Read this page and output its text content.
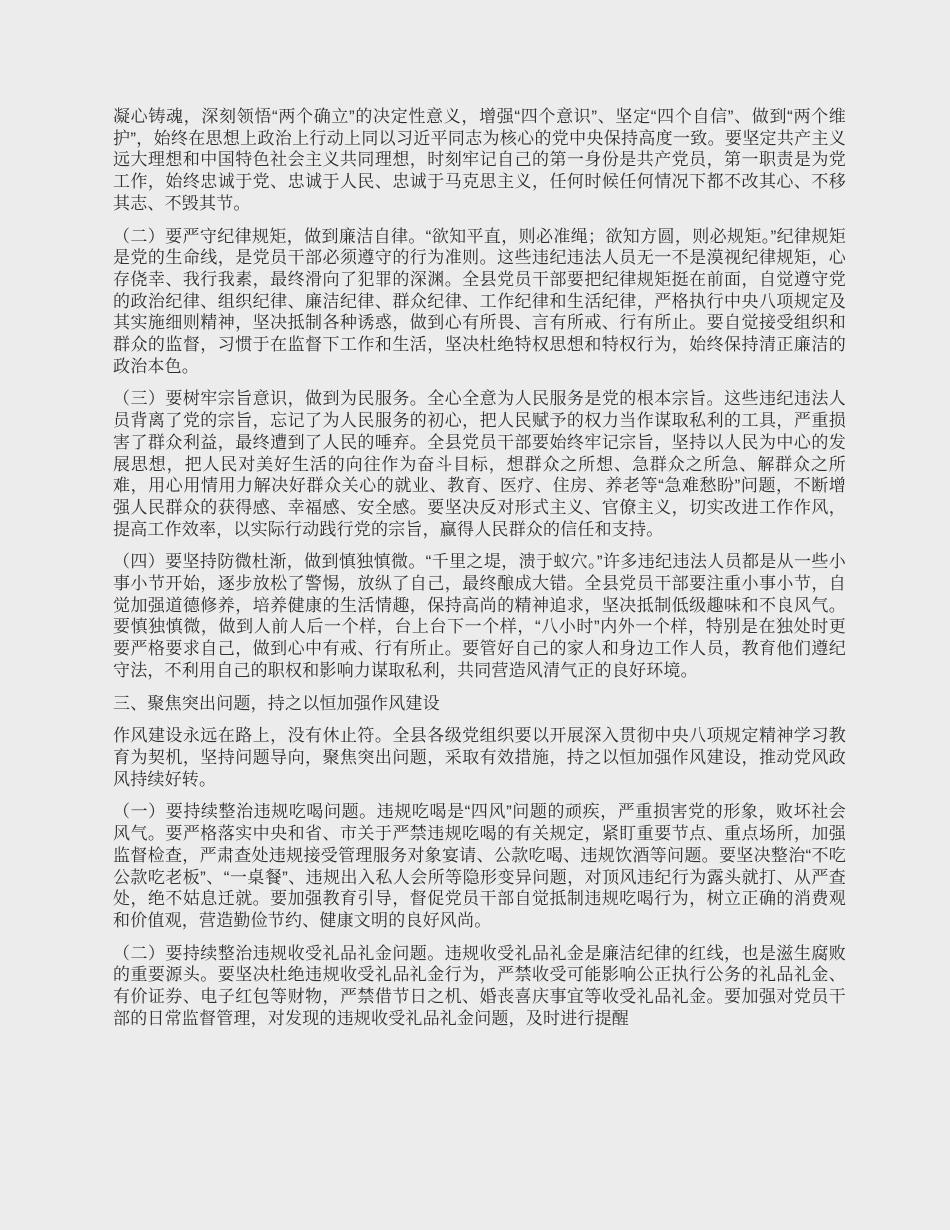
凝心铸魂，深刻领悟“两个确立”的决定性意义，增强“四个意识”、坚定“四个自信”、做到“两个维护”，始终在思想上政治上行动上同以习近平同志为核心的党中央保持高度一致。要坚定共产主义远大理想和中国特色社会主义共同理想，时刻牢记自己的第一身份是共产党员，第一职责是为党工作，始终忠诚于党、忠诚于人民、忠诚于马克思主义，任何时候任何情况下都不改其心、不移其志、不毁其节。

（二）要严守纪律规矩，做到廉洁自律。“欲知平直，则必准绳；欲知方圆，则必规矩。”纪律规矩是党的生命线，是党员干部必须遵守的行为准则。这些违纪违法人员无一不是漠视纪律规矩，心存侥幸、我行我素，最终滑向了犯罪的深渊。全县党员干部要把纪律规矩挺在前面，自觉遵守党的政治纪律、组织纪律、廉洁纪律、群众纪律、工作纪律和生活纪律，严格执行中央八项规定及其实施细则精神，坚决抵制各种诱惑，做到心有所畏、言有所戒、行有所止。要自觉接受组织和群众的监督，习惯于在监督下工作和生活，坚决杜绝特权思想和特权行为，始终保持清正廉洁的政治本色。

（三）要树牢宗旨意识，做到为民服务。全心全意为人民服务是党的根本宗旨。这些违纪违法人员背离了党的宗旨，忘记了为人民服务的初心，把人民赋予的权力当作谋取私利的工具，严重损害了群众利益，最终遭到了人民的唾弃。全县党员干部要始终牢记宗旨，坚持以人民为中心的发展思想，把人民对美好生活的向往作为奋斗目标，想群众之所想、急群众之所急、解群众之所难，用心用情用力解决好群众关心的就业、教育、医疗、住房、养老等“急难愁盼”问题，不断增强人民群众的获得感、幸福感、安全感。要坚决反对形式主义、官僚主义，切实改进工作作风，提高工作效率，以实际行动践行党的宗旨，赢得人民群众的信任和支持。

（四）要坚持防微杜渐，做到慎独慎微。“千里之堤，溃于蚁穴。”许多违纪违法人员都是从一些小事小节开始，逐步放松了警惕，放纵了自己，最终酿成大错。全县党员干部要注重小事小节，自觉加强道德修养，培养健康的生活情趣，保持高尚的精神追求，坚决抵制低级趣味和不良风气。要慎独慎微，做到人前人后一个样，台上台下一个样，“八小时”内外一个样，特别是在独处时更要严格要求自己，做到心中有戒、行有所止。要管好自己的家人和身边工作人员，教育他们遵纪守法，不利用自己的职权和影响力谋取私利，共同营造风清气正的良好环境。

三、聚焦突出问题，持之以恒加强作风建设

作风建设永远在路上，没有休止符。全县各级党组织要以开展深入贯彻中央八项规定精神学习教育为契机，坚持问题导向，聚焦突出问题，采取有效措施，持之以恒加强作风建设，推动党风政风持续好转。

（一）要持续整治违规吃喝问题。违规吃喝是“四风”问题的顽疾，严重损害党的形象，败坏社会风气。要严格落实中央和省、市关于严禁违规吃喝的有关规定，紧盯重要节点、重点场所，加强监督检查，严肃查处违规接受管理服务对象宴请、公款吃喝、违规饮酒等问题。要坚决整治“不吃公款吃老板”、“一桌餐”、违规出入私人会所等隐形变异问题，对顶风违纪行为露头就打、从严查处，绝不姑息迁就。要加强教育引导，督促党员干部自觉抵制违规吃喝行为，树立正确的消费观和价值观，营造勤俭节约、健康文明的良好风尚。

（二）要持续整治违规收受礼品礼金问题。违规收受礼品礼金是廉洁纪律的红线，也是滋生腐败的重要源头。要坚决杜绝违规收受礼品礼金行为，严禁收受可能影响公正执行公务的礼品礼金、有价证券、电子红包等财物，严禁借节日之机、婚丧喜庆事宜等收受礼品礼金。要加强对党员干部的日常监督管理，对发现的违规收受礼品礼金问题，及时进行提醒
